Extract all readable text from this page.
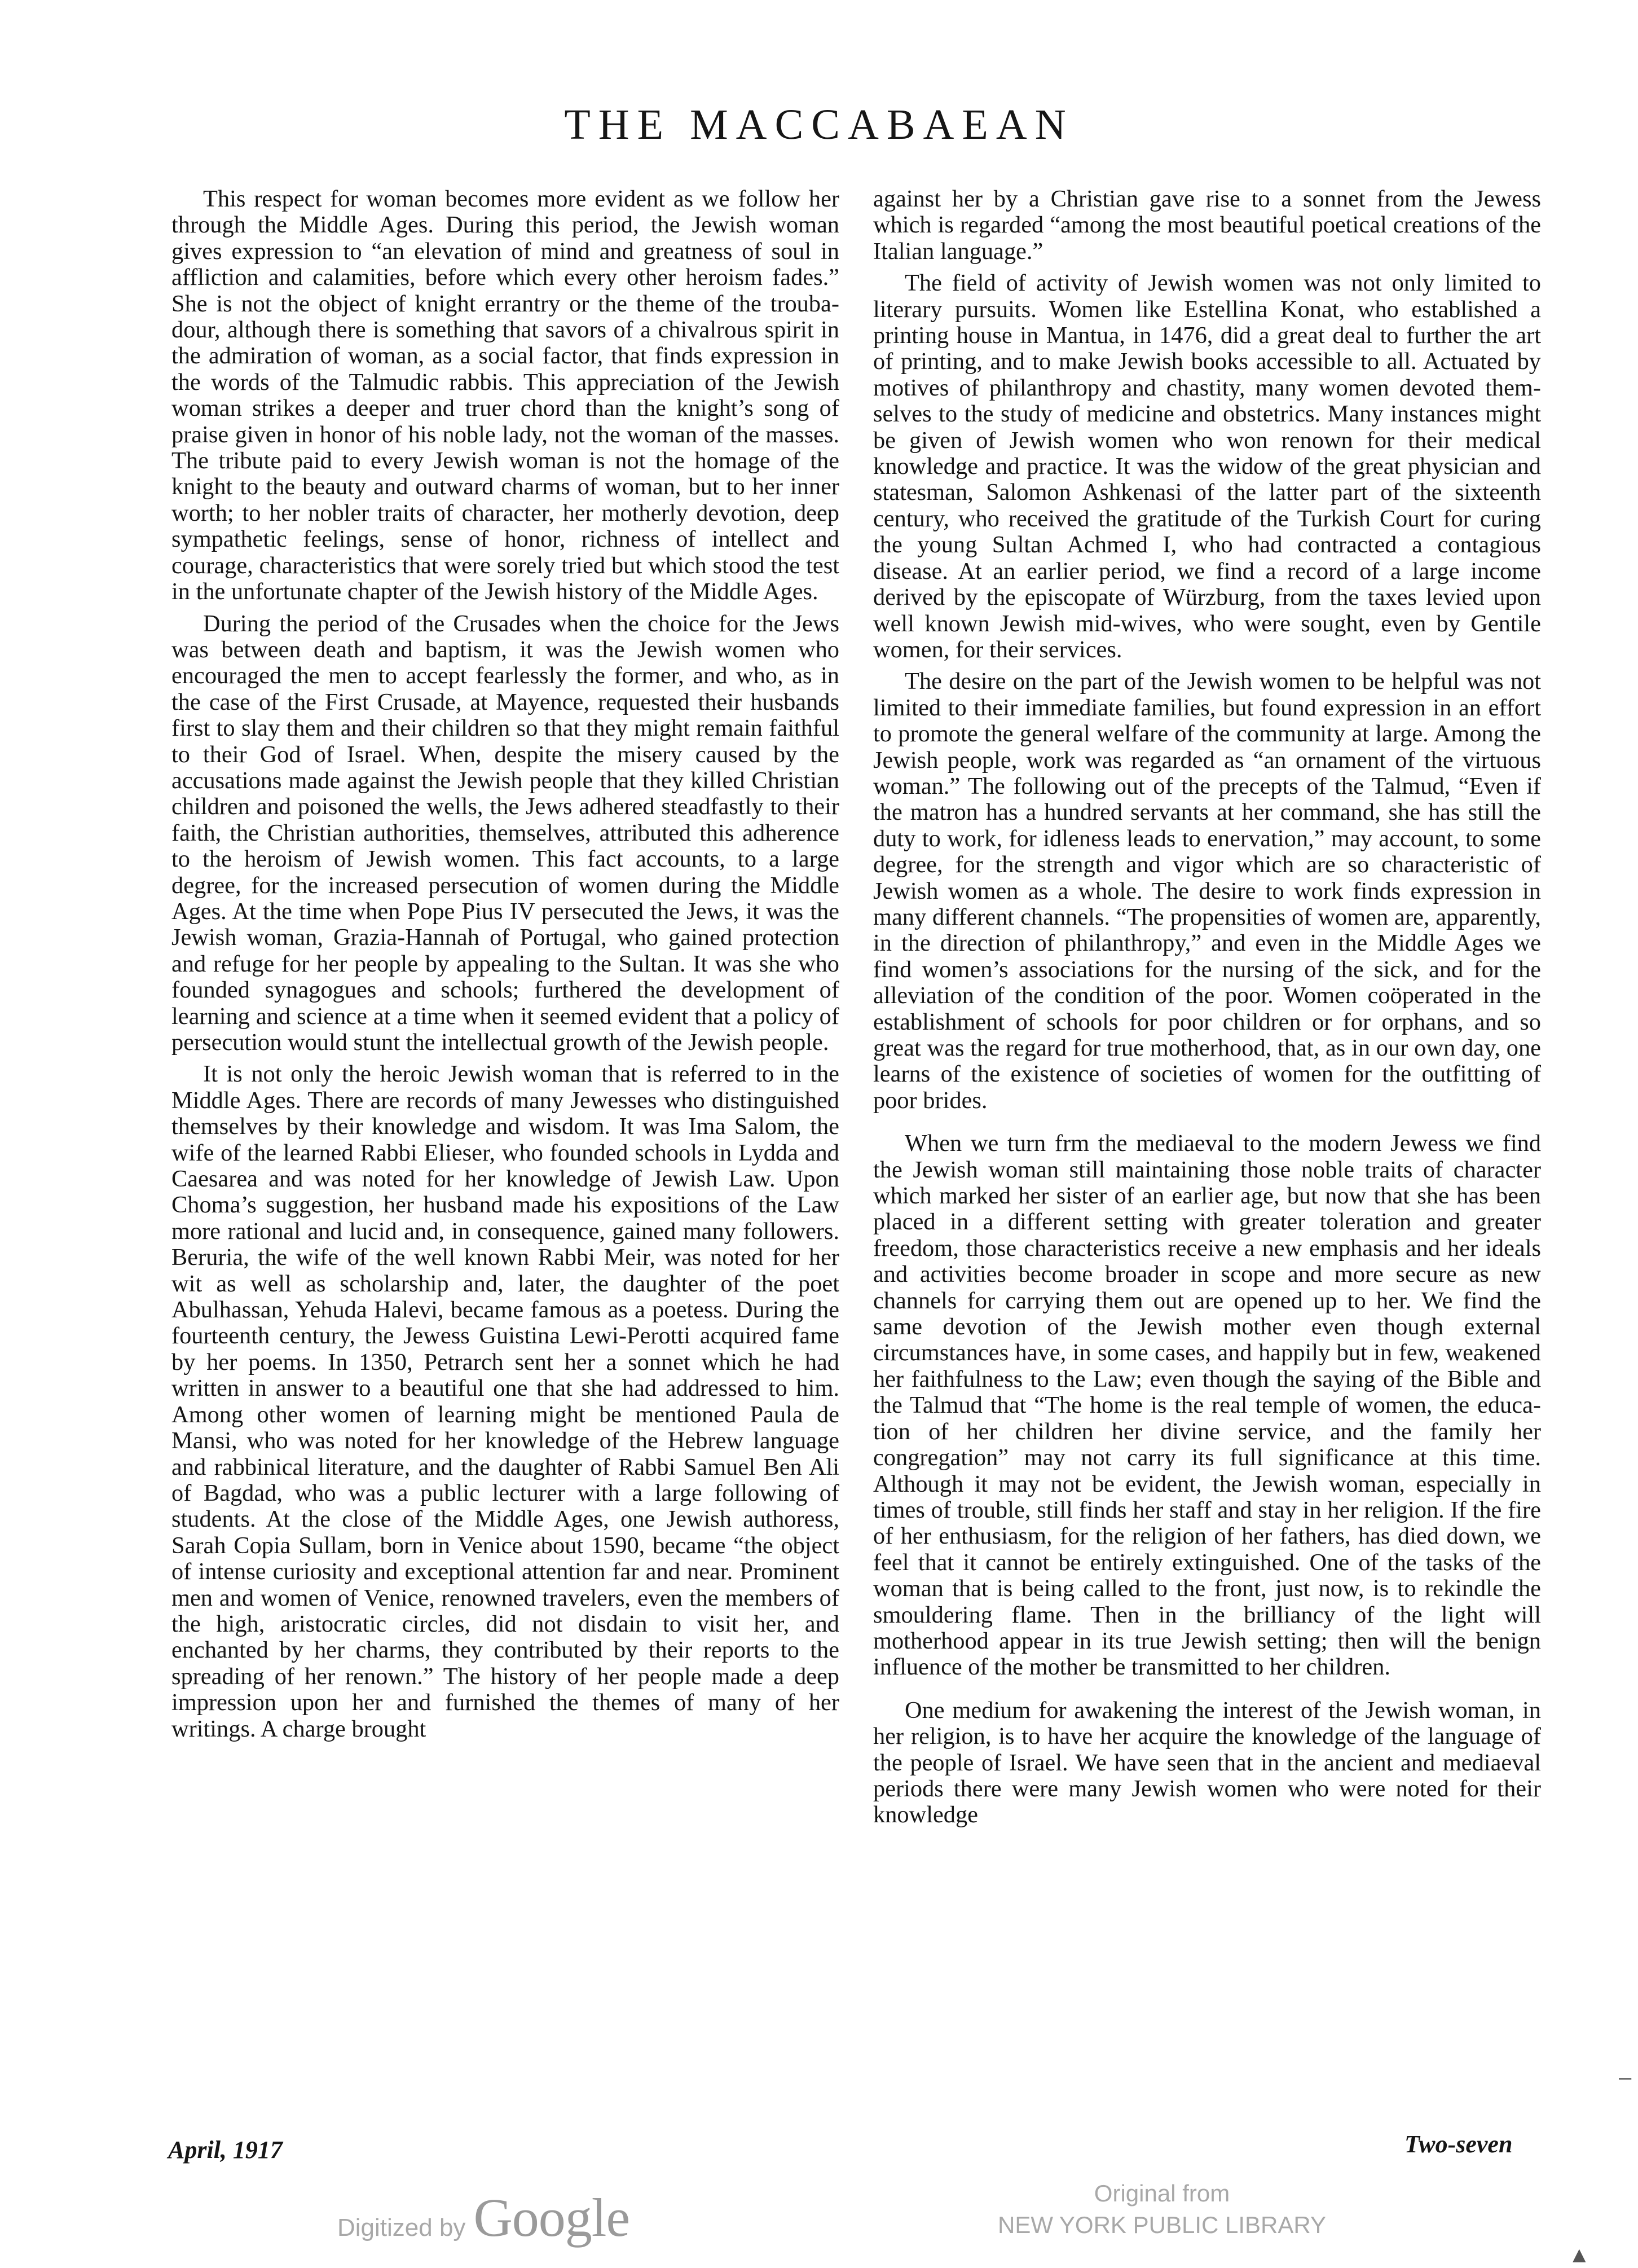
THE MACCABAEAN

This respect for woman becomes more evident as we follow her through the Middle Ages. During this period, the Jewish woman gives expression to “an elevation of mind and greatness of soul in affliction and calamities, before which every other heroism fades.” She is not the object of knight errantry or the theme of the troubadour, although there is something that savors of a chivalrous spirit in the admiration of woman, as a social factor, that finds expression in the words of the Talmudic rabbis. This appreciation of the Jewish woman strikes a deeper and truer chord than the knight’s song of praise given in honor of his noble lady, not the woman of the masses. The tribute paid to every Jewish woman is not the homage of the knight to the beauty and outward charms of woman, but to her inner worth; to her nobler traits of character, her motherly devotion, deep sympathetic feelings, sense of honor, richness of intellect and courage, characteristics that were sorely tried but which stood the test in the unfortunate chapter of the Jewish history of the Middle Ages.

During the period of the Crusades when the choice for the Jews was between death and baptism, it was the Jewish women who encouraged the men to accept fearlessly the former, and who, as in the case of the First Crusade, at Mayence, requested their husbands first to slay them and their children so that they might remain faithful to their God of Israel. When, despite the misery caused by the accusations made against the Jewish people that they killed Christian children and poisoned the wells, the Jews adhered steadfastly to their faith, the Christian authorities, themselves, attributed this adherence to the heroism of Jewish women. This fact accounts, to a large degree, for the increased persecution of women during the Middle Ages. At the time when Pope Pius IV persecuted the Jews, it was the Jewish woman, Grazia-Hannah of Portugal, who gained protection and refuge for her people by appealing to the Sultan. It was she who founded synagogues and schools; furthered the development of learning and science at a time when it seemed evident that a policy of persecution would stunt the intellectual growth of the Jewish people.

It is not only the heroic Jewish woman that is referred to in the Middle Ages. There are records of many Jewesses who distinguished themselves by their knowledge and wisdom. It was Ima Salom, the wife of the learned Rabbi Elieser, who founded schools in Lydda and Caesarea and was noted for her knowledge of Jewish Law. Upon Choma’s suggestion, her husband made his expositions of the Law more rational and lucid and, in consequence, gained many followers. Beruria, the wife of the well known Rabbi Meir, was noted for her wit as well as scholarship and, later, the daughter of the poet Abulhassan, Yehuda Halevi, became famous as a poetess. During the fourteenth century, the Jewess Guistina Lewi-Perotti acquired fame by her poems. In 1350, Petrarch sent her a sonnet which he had written in answer to a beautiful one that she had addressed to him. Among other women of learning might be mentioned Paula de Mansi, who was noted for her knowledge of the Hebrew language and rabbinical literature, and the daughter of Rabbi Samuel Ben Ali of Bagdad, who was a public lecturer with a large following of students. At the close of the Middle Ages, one Jewish authoress, Sarah Copia Sullam, born in Venice about 1590, became “the object of intense curiosity and exceptional attention far and near. Prominent men and women of Venice, renowned travelers, even the members of the high, aristocratic circles, did not disdain to visit her, and enchanted by her charms, they contributed by their reports to the spreading of her renown.” The history of her people made a deep impression upon her and furnished the themes of many of her writings. A charge brought

against her by a Christian gave rise to a sonnet from the Jewess which is regarded “among the most beautiful poetical creations of the Italian language.”

The field of activity of Jewish women was not only limited to literary pursuits. Women like Estellina Konat, who established a printing house in Mantua, in 1476, did a great deal to further the art of printing, and to make Jewish books accessible to all. Actuated by motives of philanthropy and chastity, many women devoted themselves to the study of medicine and obstetrics. Many instances might be given of Jewish women who won renown for their medical knowledge and practice. It was the widow of the great physician and statesman, Salomon Ashkenasi of the latter part of the sixteenth century, who received the gratitude of the Turkish Court for curing the young Sultan Achmed I, who had contracted a contagious disease. At an earlier period, we find a record of a large income derived by the episcopate of Würzburg, from the taxes levied upon well known Jewish mid-wives, who were sought, even by Gentile women, for their services.

The desire on the part of the Jewish women to be helpful was not limited to their immediate families, but found expression in an effort to promote the general welfare of the community at large. Among the Jewish people, work was regarded as “an ornament of the virtuous woman.” The following out of the precepts of the Talmud, “Even if the matron has a hundred servants at her command, she has still the duty to work, for idleness leads to enervation,” may account, to some degree, for the strength and vigor which are so characteristic of Jewish women as a whole. The desire to work finds expression in many different channels. “The propensities of women are, apparently, in the direction of philanthropy,” and even in the Middle Ages we find women’s associations for the nursing of the sick, and for the alleviation of the condition of the poor. Women coöperated in the establishment of schools for poor children or for orphans, and so great was the regard for true motherhood, that, as in our own day, one learns of the existence of societies of women for the outfitting of poor brides.

When we turn frm the mediaeval to the modern Jewess we find the Jewish woman still maintaining those noble traits of character which marked her sister of an earlier age, but now that she has been placed in a different setting with greater toleration and greater freedom, those characteristics receive a new emphasis and her ideals and activities become broader in scope and more secure as new channels for carrying them out are opened up to her. We find the same devotion of the Jewish mother even though external circumstances have, in some cases, and happily but in few, weakened her faithfulness to the Law; even though the saying of the Bible and the Talmud that “The home is the real temple of women, the education of her children her divine service, and the family her congregation” may not carry its full significance at this time. Although it may not be evident, the Jewish woman, especially in times of trouble, still finds her staff and stay in her religion. If the fire of her enthusiasm, for the religion of her fathers, has died down, we feel that it cannot be entirely extinguished. One of the tasks of the woman that is being called to the front, just now, is to rekindle the smouldering flame. Then in the brilliancy of the light will motherhood appear in its true Jewish setting; then will the benign influence of the mother be transmitted to her children.

One medium for awakening the interest of the Jewish woman, in her religion, is to have her acquire the knowledge of the language of the people of Israel. We have seen that in the ancient and mediaeval periods there were many Jewish women who were noted for their knowledge

–
▲
April, 1917	Two-seven
Digitized by Google	Original from
NEW YORK PUBLIC LIBRARY
